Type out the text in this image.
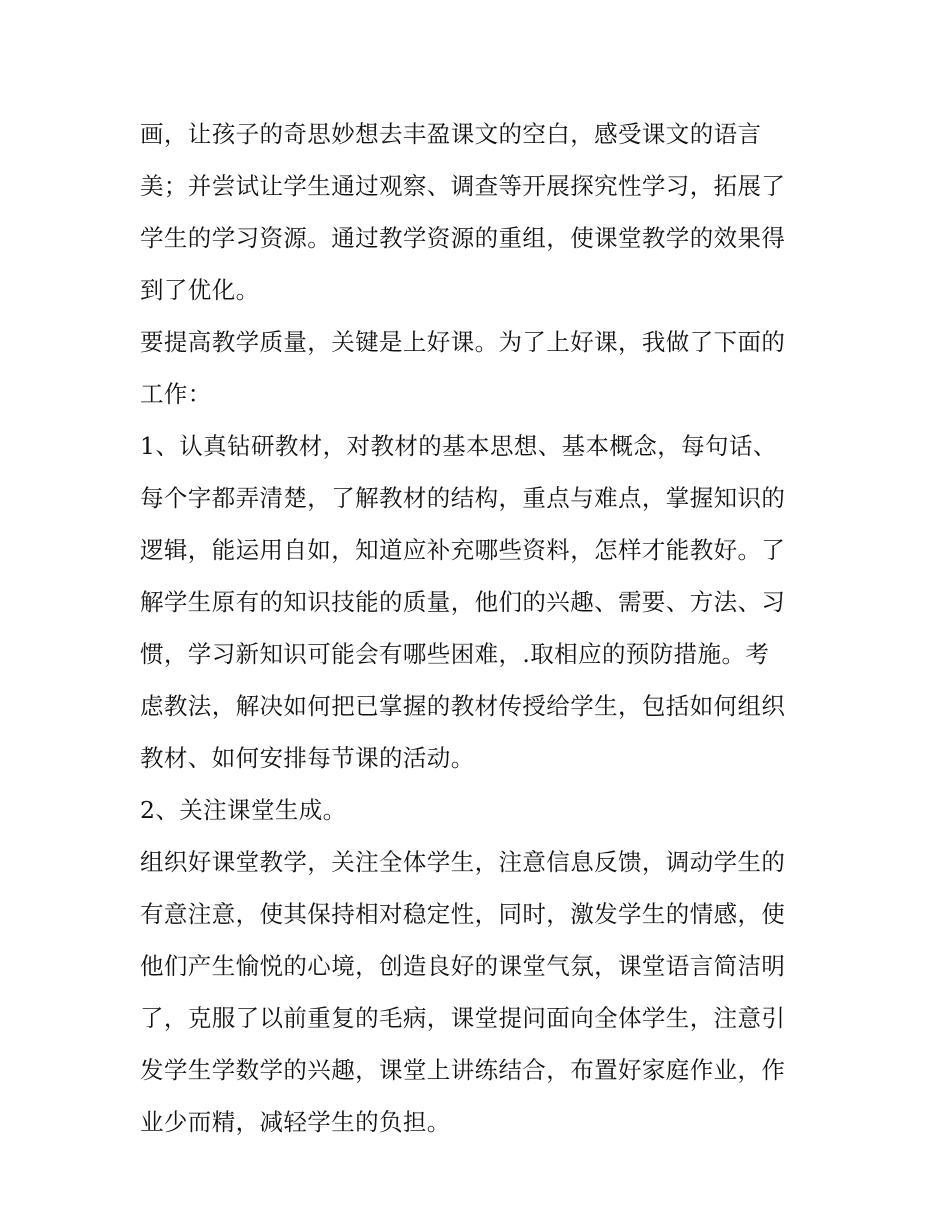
画，让孩子的奇思妙想去丰盈课文的空白，感受课文的语言
美；并尝试让学生通过观察、调查等开展探究性学习，拓展了
学生的学习资源。通过教学资源的重组，使课堂教学的效果得
到了优化。
要提高教学质量，关键是上好课。为了上好课，我做了下面的
工作：
1、认真钻研教材，对教材的基本思想、基本概念，每句话、
每个字都弄清楚，了解教材的结构，重点与难点，掌握知识的
逻辑，能运用自如，知道应补充哪些资料，怎样才能教好。了
解学生原有的知识技能的质量，他们的兴趣、需要、方法、习
惯，学习新知识可能会有哪些困难，.取相应的预防措施。考
虑教法，解决如何把已掌握的教材传授给学生，包括如何组织
教材、如何安排每节课的活动。
2、关注课堂生成。
组织好课堂教学，关注全体学生，注意信息反馈，调动学生的
有意注意，使其保持相对稳定性，同时，激发学生的情感，使
他们产生愉悦的心境，创造良好的课堂气氛，课堂语言简洁明
了，克服了以前重复的毛病，课堂提问面向全体学生，注意引
发学生学数学的兴趣，课堂上讲练结合，布置好家庭作业，作
业少而精，减轻学生的负担。
